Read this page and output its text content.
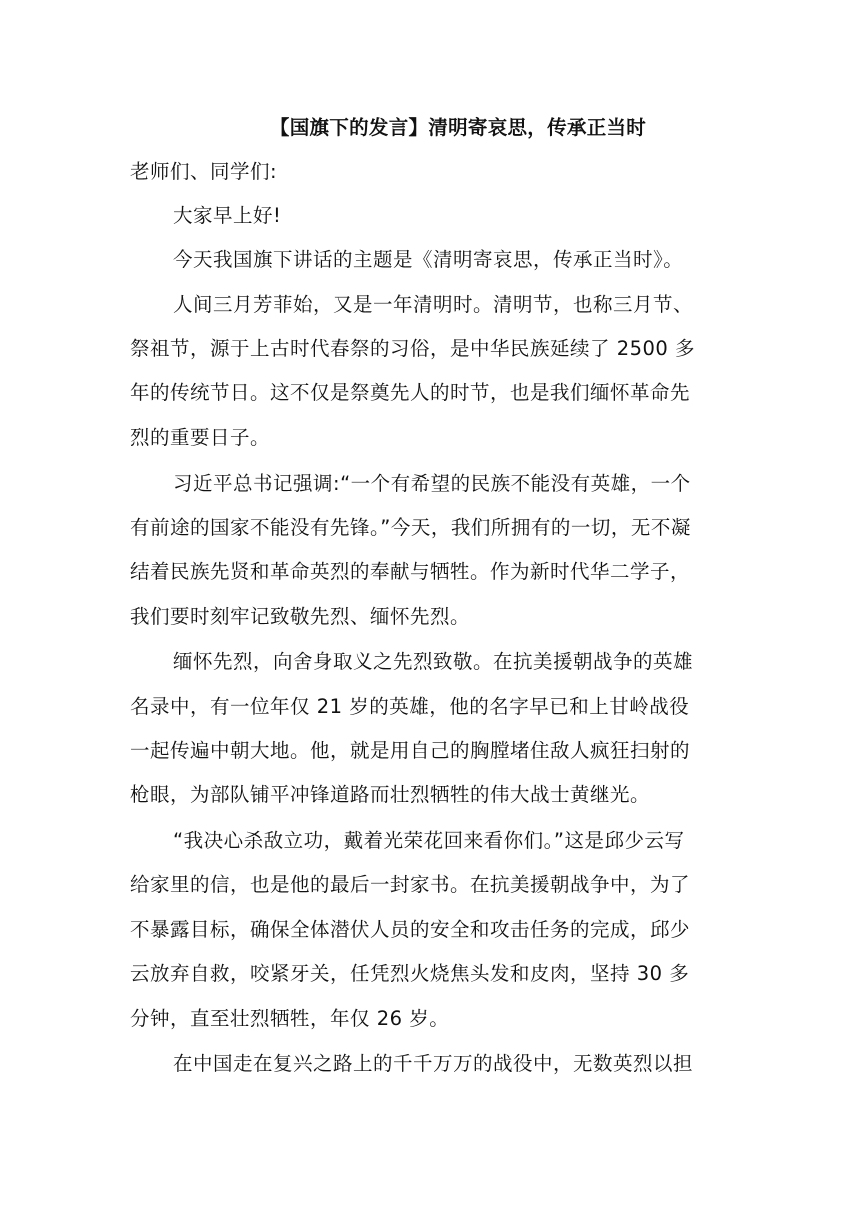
【国旗下的发言】清明寄哀思，传承正当时
老师们、同学们:
大家早上好!
今天我国旗下讲话的主题是《清明寄哀思，传承正当时》。
人间三月芳菲始，又是一年清明时。清明节，也称三月节、
祭祖节，源于上古时代春祭的习俗，是中华民族延续了 2500 多
年的传统节日。这不仅是祭奠先人的时节，也是我们缅怀革命先
烈的重要日子。
习近平总书记强调:“一个有希望的民族不能没有英雄，一个
有前途的国家不能没有先锋。”今天，我们所拥有的一切，无不凝
结着民族先贤和革命英烈的奉献与牺牲。作为新时代华二学子，
我们要时刻牢记致敬先烈、缅怀先烈。
缅怀先烈，向舍身取义之先烈致敬。在抗美援朝战争的英雄
名录中，有一位年仅 21 岁的英雄，他的名字早已和上甘岭战役
一起传遍中朝大地。他，就是用自己的胸膛堵住敌人疯狂扫射的
枪眼，为部队铺平冲锋道路而壮烈牺牲的伟大战士黄继光。
“我决心杀敌立功，戴着光荣花回来看你们。”这是邱少云写
给家里的信，也是他的最后一封家书。在抗美援朝战争中，为了
不暴露目标，确保全体潜伏人员的安全和攻击任务的完成，邱少
云放弃自救，咬紧牙关，任凭烈火烧焦头发和皮肉，坚持 30 多
分钟，直至壮烈牺牲，年仅 26 岁。
在中国走在复兴之路上的千千万万的战役中，无数英烈以担
